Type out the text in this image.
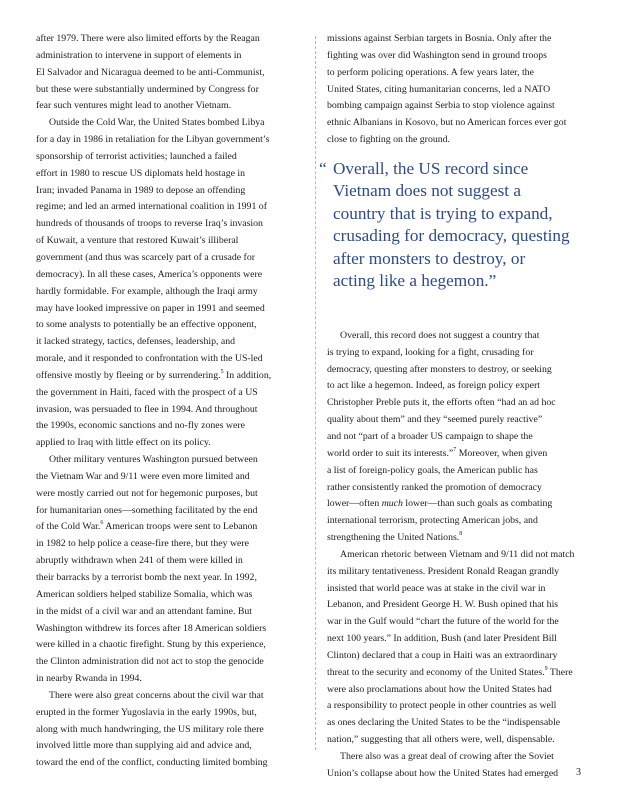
after 1979. There were also limited efforts by the Reagan
administration to intervene in support of elements in
El Salvador and Nicaragua deemed to be anti-Communist,
but these were substantially undermined by Congress for
fear such ventures might lead to another Vietnam.

Outside the Cold War, the United States bombed Libya
for a day in 1986 in retaliation for the Libyan government’s
sponsorship of terrorist activities; launched a failed
effort in 1980 to rescue US diplomats held hostage in
Iran; invaded Panama in 1989 to depose an offending
regime; and led an armed international coalition in 1991 of
hundreds of thousands of troops to reverse Iraq’s invasion
of Kuwait, a venture that restored Kuwait’s illiberal
government (and thus was scarcely part of a crusade for
democracy). In all these cases, America’s opponents were
hardly formidable. For example, although the Iraqi army
may have looked impressive on paper in 1991 and seemed
to some analysts to potentially be an effective opponent,
it lacked strategy, tactics, defenses, leadership, and
morale, and it responded to confrontation with the US-led
offensive mostly by fleeing or by surrendering.$^5$ In addition,
the government in Haiti, faced with the prospect of a US
invasion, was persuaded to flee in 1994. And throughout
the 1990s, economic sanctions and no-fly zones were
applied to Iraq with little effect on its policy.

Other military ventures Washington pursued between
the Vietnam War and 9/11 were even more limited and
were mostly carried out not for hegemonic purposes, but
for humanitarian ones—something facilitated by the end
of the Cold War.$^6$ American troops were sent to Lebanon
in 1982 to help police a cease-fire there, but they were
abruptly withdrawn when 241 of them were killed in
their barracks by a terrorist bomb the next year. In 1992,
American soldiers helped stabilize Somalia, which was
in the midst of a civil war and an attendant famine. But
Washington withdrew its forces after 18 American soldiers
were killed in a chaotic firefight. Stung by this experience,
the Clinton administration did not act to stop the genocide
in nearby Rwanda in 1994.

There were also great concerns about the civil war that
erupted in the former Yugoslavia in the early 1990s, but,
along with much handwringing, the US military role there
involved little more than supplying aid and advice and,
toward the end of the conflict, conducting limited bombing

missions against Serbian targets in Bosnia. Only after the
fighting was over did Washington send in ground troops
to perform policing operations. A few years later, the
United States, citing humanitarian concerns, led a NATO
bombing campaign against Serbia to stop violence against
ethnic Albanians in Kosovo, but no American forces ever got
close to fighting on the ground.

“ Overall, the US record since
Vietnam does not suggest a
country that is trying to expand,
crusading for democracy, questing
after monsters to destroy, or
acting like a hegemon.”

Overall, this record does not suggest a country that
is trying to expand, looking for a fight, crusading for
democracy, questing after monsters to destroy, or seeking
to act like a hegemon. Indeed, as foreign policy expert
Christopher Preble puts it, the efforts often “had an ad hoc
quality about them” and they “seemed purely reactive”
and not “part of a broader US campaign to shape the
world order to suit its interests.”$^7$ Moreover, when given
a list of foreign-policy goals, the American public has
rather consistently ranked the promotion of democracy
lower—often much lower—than such goals as combating
international terrorism, protecting American jobs, and
strengthening the United Nations.$^8$

American rhetoric between Vietnam and 9/11 did not match
its military tentativeness. President Ronald Reagan grandly
insisted that world peace was at stake in the civil war in
Lebanon, and President George H. W. Bush opined that his
war in the Gulf would “chart the future of the world for the
next 100 years.” In addition, Bush (and later President Bill
Clinton) declared that a coup in Haiti was an extraordinary
threat to the security and economy of the United States.$^9$ There
were also proclamations about how the United States had
a responsibility to protect people in other countries as well
as ones declaring the United States to be the “indispensable
nation,” suggesting that all others were, well, dispensable.

There also was a great deal of crowing after the Soviet
Union’s collapse about how the United States had emerged	3
